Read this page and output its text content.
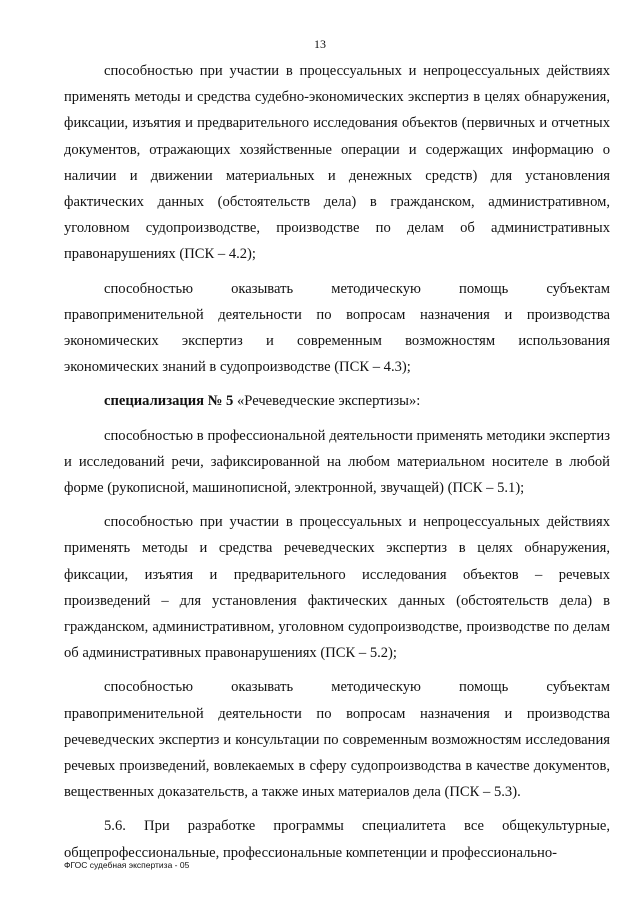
13

способностью при участии в процессуальных и непроцессуальных действиях применять методы и средства судебно-экономических экспертиз в целях обнаружения, фиксации, изъятия и предварительного исследования объектов (первичных и отчетных документов, отражающих хозяйственные операции и содержащих информацию о наличии и движении материальных и денежных средств) для установления фактических данных (обстоятельств дела) в гражданском, административном, уголовном судопроизводстве, производстве по делам об административных правонарушениях (ПСК – 4.2);

способностью оказывать методическую помощь субъектам правоприменительной деятельности по вопросам назначения и производства экономических экспертиз и современным возможностям использования экономических знаний в судопроизводстве (ПСК – 4.3);

специализация № 5 «Речеведческие экспертизы»:

способностью в профессиональной деятельности применять методики экспертиз и исследований речи, зафиксированной на любом материальном носителе в любой форме (рукописной, машинописной, электронной, звучащей) (ПСК – 5.1);

способностью при участии в процессуальных и непроцессуальных действиях применять методы и средства речеведческих экспертиз в целях обнаружения, фиксации, изъятия и предварительного исследования объектов – речевых произведений – для установления фактических данных (обстоятельств дела) в гражданском, административном, уголовном судопроизводстве, производстве по делам об административных правонарушениях (ПСК – 5.2);

способностью оказывать методическую помощь субъектам правоприменительной деятельности по вопросам назначения и производства речеведческих экспертиз и консультации по современным возможностям исследования речевых произведений, вовлекаемых в сферу судопроизводства в качестве документов, вещественных доказательств, а также иных материалов дела (ПСК – 5.3).

5.6. При разработке программы специалитета все общекультурные, общепрофессиональные, профессиональные компетенции и профессионально-

ФГОС судебная экспертиза - 05
